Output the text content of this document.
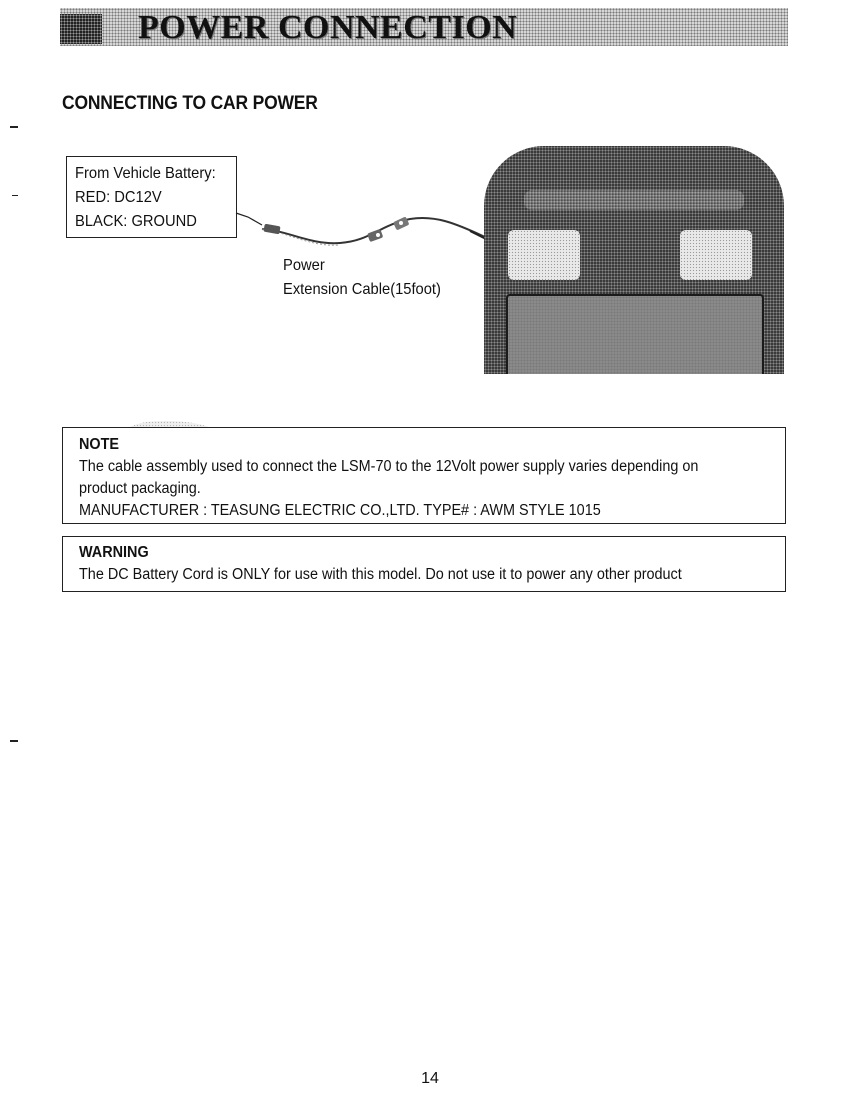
POWER CONNECTION
CONNECTING TO CAR POWER
From Vehicle Battery:
RED: DC12V
BLACK: GROUND
Power
Extension Cable(15foot)
NOTE
The cable assembly used to connect the LSM-70 to the 12Volt power supply varies depending on
product packaging.
MANUFACTURER : TEASUNG ELECTRIC CO.,LTD. TYPE# : AWM STYLE 1015
WARNING
The DC Battery Cord is ONLY for use with this model. Do not use it to power any other product
14
